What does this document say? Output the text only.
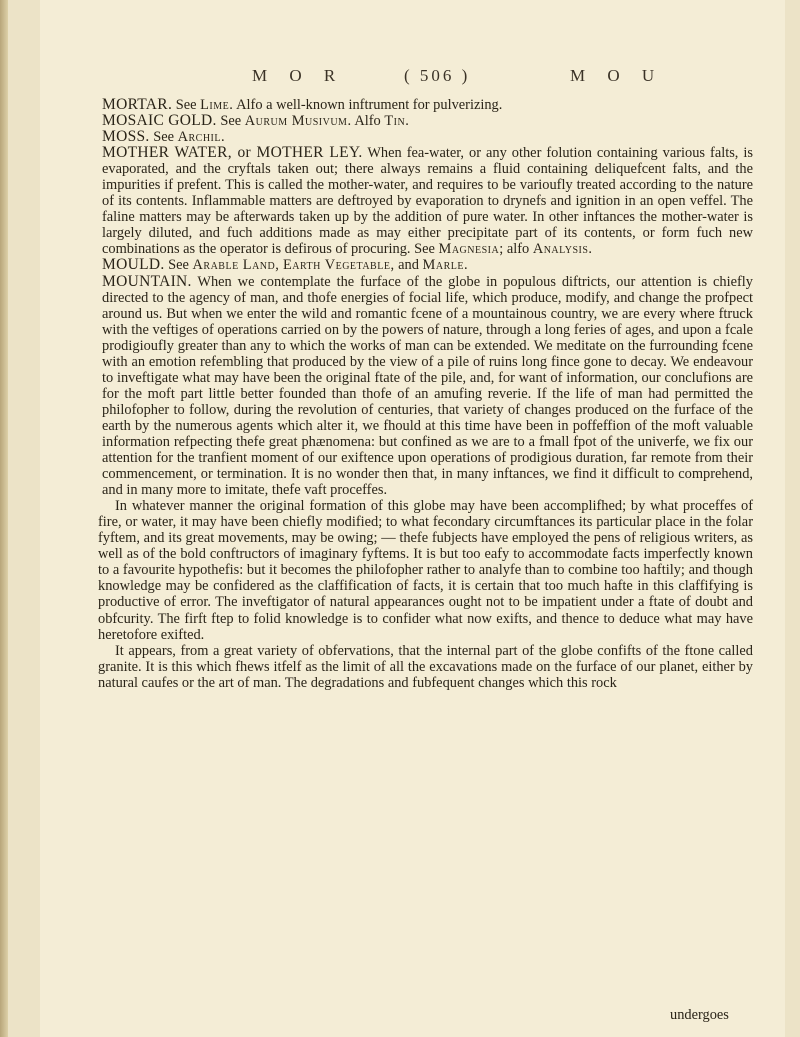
M O R	( 506 )	M O U

MORTAR. See Lime. Alfo a well-known inftrument for pulverizing.

MOSAIC GOLD. See Aurum Musivum. Alfo Tin.

MOSS. See Archil.

MOTHER WATER, or MOTHER LEY. When fea-water, or any other folution containing various falts, is evaporated, and the cryftals taken out; there always remains a fluid containing deliquefcent falts, and the impurities if prefent. This is called the mother-water, and requires to be varioufly treated according to the nature of its contents. Inflammable matters are deftroyed by evaporation to drynefs and ignition in an open veffel. The faline matters may be afterwards taken up by the addition of pure water. In other inftances the mother-water is largely diluted, and fuch additions made as may either precipitate part of its contents, or form fuch new combinations as the operator is defirous of procuring. See Magnesia; alfo Analysis.

MOULD. See Arable Land, Earth Vegetable, and Marle.

MOUNTAIN. When we contemplate the furface of the globe in populous diftricts, our attention is chiefly directed to the agency of man, and thofe energies of focial life, which produce, modify, and change the profpect around us. But when we enter the wild and romantic fcene of a mountainous country, we are every where ftruck with the veftiges of operations carried on by the powers of nature, through a long feries of ages, and upon a fcale prodigioufly greater than any to which the works of man can be extended. We meditate on the furrounding fcene with an emotion refembling that produced by the view of a pile of ruins long fince gone to decay. We endeavour to inveftigate what may have been the original ftate of the pile, and, for want of information, our conclufions are for the moft part little better founded than thofe of an amufing reverie. If the life of man had permitted the philofopher to follow, during the revolution of centuries, that variety of changes produced on the furface of the earth by the numerous agents which alter it, we fhould at this time have been in poffeffion of the moft valuable information refpecting thefe great phænomena: but confined as we are to a fmall fpot of the univerfe, we fix our attention for the tranfient moment of our exiftence upon operations of prodigious duration, far remote from their commencement, or termination. It is no wonder then that, in many inftances, we find it difficult to comprehend, and in many more to imitate, thefe vaft proceffes.

In whatever manner the original formation of this globe may have been accomplifhed; by what proceffes of fire, or water, it may have been chiefly modified; to what fecondary circumftances its particular place in the folar fyftem, and its great movements, may be owing; — thefe fubjects have employed the pens of religious writers, as well as of the bold conftructors of imaginary fyftems. It is but too eafy to accommodate facts imperfectly known to a favourite hypothefis: but it becomes the philofopher rather to analyfe than to combine too haftily; and though knowledge may be confidered as the claffification of facts, it is certain that too much hafte in this claffifying is productive of error. The inveftigator of natural appearances ought not to be impatient under a ftate of doubt and obfcurity. The firft ftep to folid knowledge is to confider what now exifts, and thence to deduce what may have heretofore exifted.

It appears, from a great variety of obfervations, that the internal part of the globe confifts of the ftone called granite. It is this which fhews itfelf as the limit of all the excavations made on the furface of our planet, either by natural caufes or the art of man. The degradations and fubfequent changes which this rock

undergoes
